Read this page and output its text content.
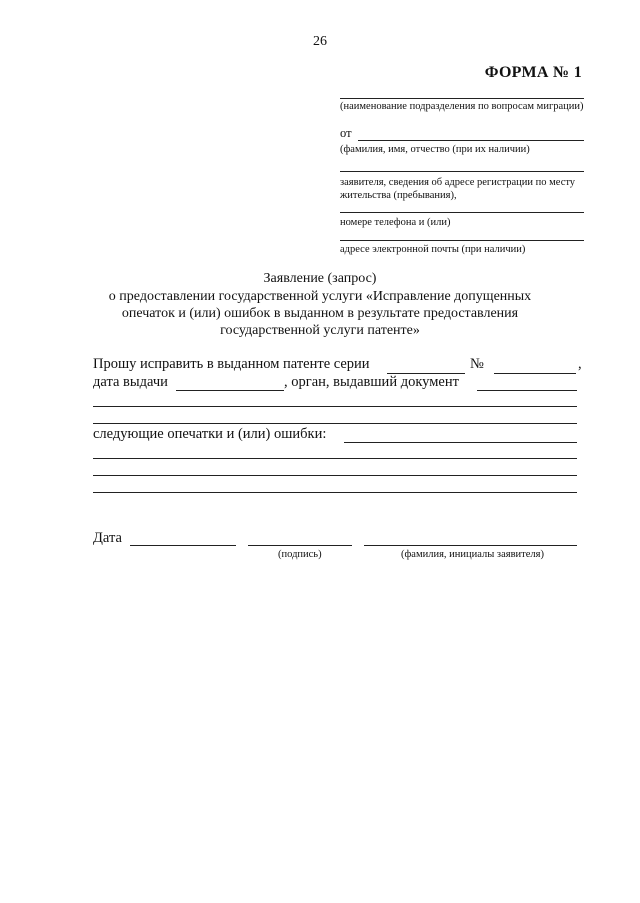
26
ФОРМА № 1
(наименование подразделения по вопросам миграции)
от
(фамилия, имя, отчество (при их наличии)
заявителя, сведения об адресе регистрации по месту жительства (пребывания),
номере телефона и (или)
адресе электронной почты (при наличии)
Заявление (запрос)
о предоставлении государственной услуги «Исправление допущенных
опечаток и (или) ошибок в выданном в результате предоставления
государственной услуги патенте»
Прошу исправить в выданном патенте серии	№	,
дата выдачи	, орган, выдавший документ
следующие опечатки и (или) ошибки:
Дата
(подпись)	(фамилия, инициалы заявителя)
